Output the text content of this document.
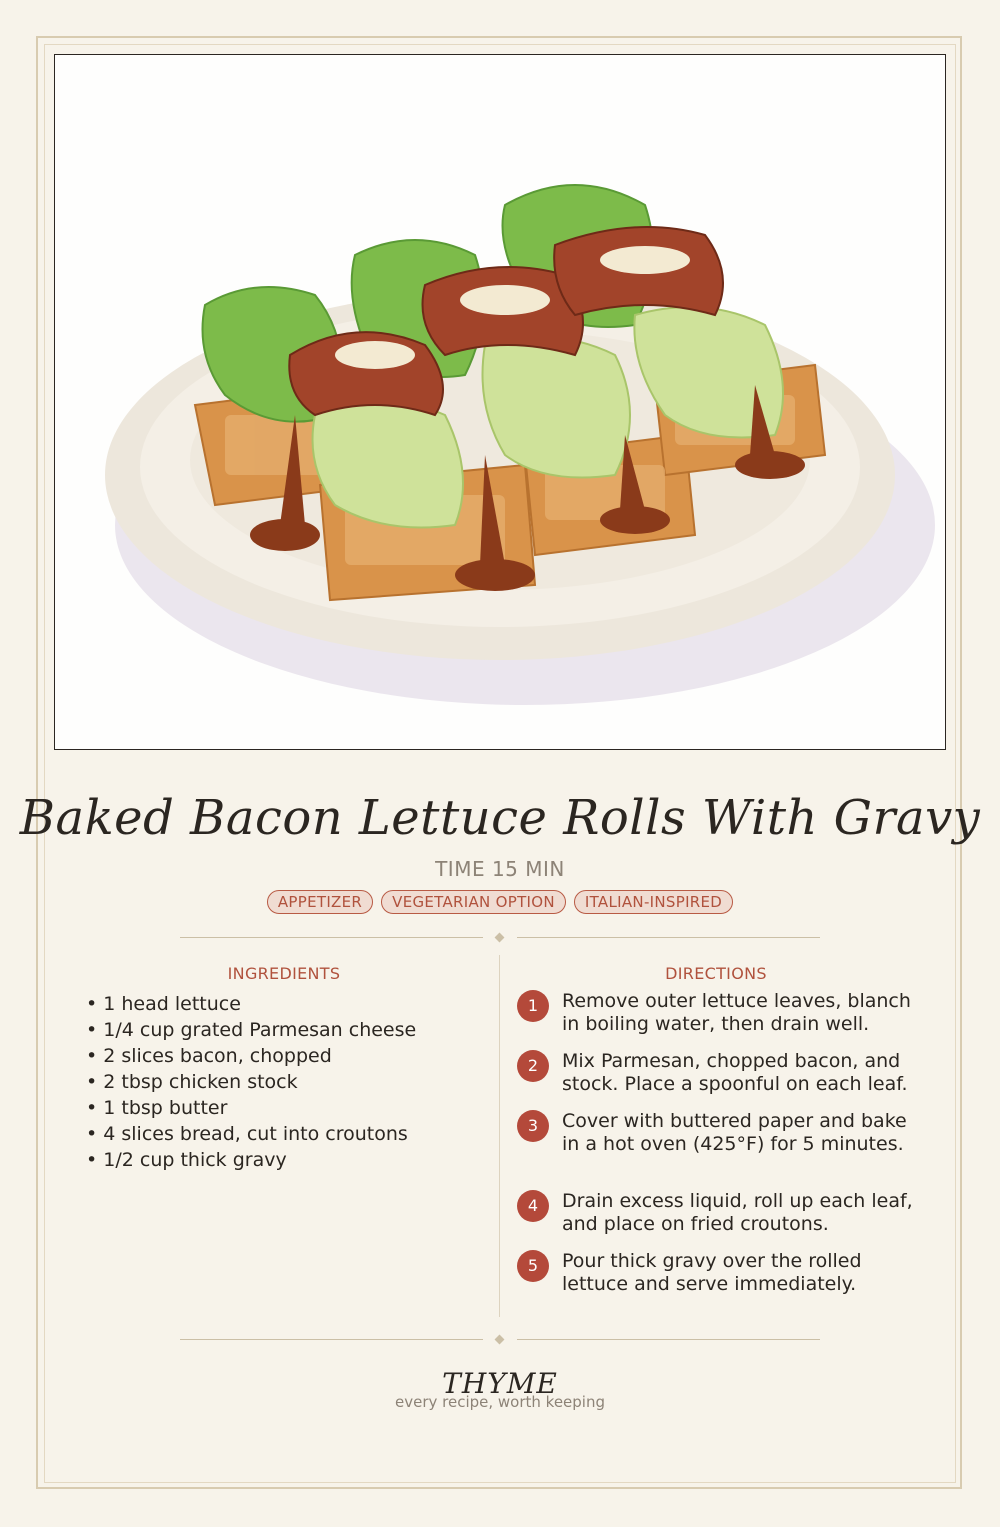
Baked Bacon Lettuce Rolls With Gravy
TIME 15 MIN
APPETIZER	VEGETARIAN OPTION	ITALIAN-INSPIRED
INGREDIENTS
• 1 head lettuce
• 1/4 cup grated Parmesan cheese
• 2 slices bacon, chopped
• 2 tbsp chicken stock
• 1 tbsp butter
• 4 slices bread, cut into croutons
• 1/2 cup thick gravy
DIRECTIONS
1	Remove outer lettuce leaves, blanch in boiling water, then drain well.
2	Mix Parmesan, chopped bacon, and stock. Place a spoonful on each leaf.
3	Cover with buttered paper and bake in a hot oven (425°F) for 5 minutes.
4	Drain excess liquid, roll up each leaf, and place on fried croutons.
5	Pour thick gravy over the rolled lettuce and serve immediately.
THYME
every recipe, worth keeping
